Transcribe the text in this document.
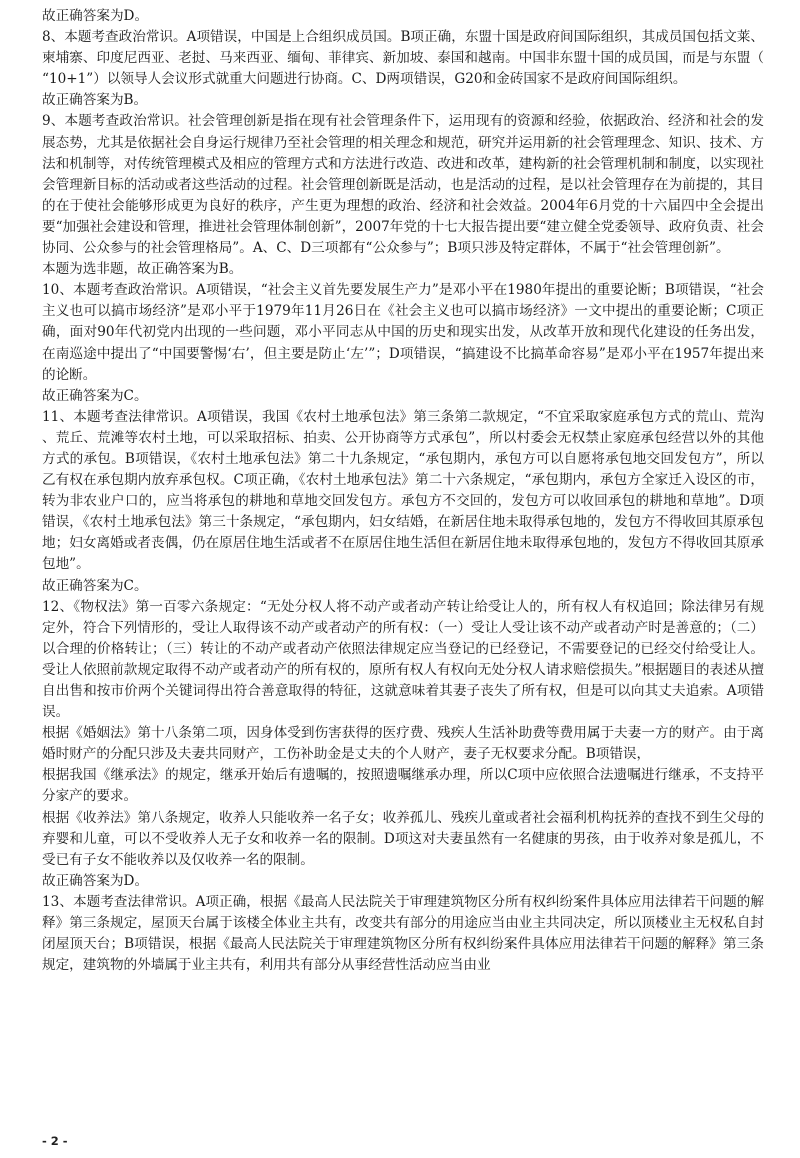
故正确答案为D。

8、本题考查政治常识。A项错误，中国是上合组织成员国。B项正确，东盟十国是政府间国际组织，其成员国包括文莱、柬埔寨、印度尼西亚、老挝、马来西亚、缅甸、菲律宾、新加坡、泰国和越南。中国非东盟十国的成员国，而是与东盟（“10+1”）以领导人会议形式就重大问题进行协商。C、D两项错误，G20和金砖国家不是政府间国际组织。

故正确答案为B。

9、本题考查政治常识。社会管理创新是指在现有社会管理条件下，运用现有的资源和经验，依据政治、经济和社会的发展态势，尤其是依据社会自身运行规律乃至社会管理的相关理念和规范，研究并运用新的社会管理理念、知识、技术、方法和机制等，对传统管理模式及相应的管理方式和方法进行改造、改进和改革，建构新的社会管理机制和制度，以实现社会管理新目标的活动或者这些活动的过程。社会管理创新既是活动，也是活动的过程，是以社会管理存在为前提的，其目的在于使社会能够形成更为良好的秩序，产生更为理想的政治、经济和社会效益。2004年6月党的十六届四中全会提出要“加强社会建设和管理，推进社会管理体制创新”，2007年党的十七大报告提出要“建立健全党委领导、政府负责、社会协同、公众参与的社会管理格局”。A、C、D三项都有“公众参与”；B项只涉及特定群体，不属于“社会管理创新”。

本题为选非题，故正确答案为B。

10、本题考查政治常识。A项错误，“社会主义首先要发展生产力”是邓小平在1980年提出的重要论断；B项错误，“社会主义也可以搞市场经济”是邓小平于1979年11月26日在《社会主义也可以搞市场经济》一文中提出的重要论断；C项正确，面对90年代初党内出现的一些问题，邓小平同志从中国的历史和现实出发，从改革开放和现代化建设的任务出发，在南巡途中提出了“中国要警惕‘右’，但主要是防止‘左’”；D项错误，“搞建设不比搞革命容易”是邓小平在1957年提出来的论断。

故正确答案为C。

11、本题考查法律常识。A项错误，我国《农村土地承包法》第三条第二款规定，“不宜采取家庭承包方式的荒山、荒沟、荒丘、荒滩等农村土地，可以采取招标、拍卖、公开协商等方式承包”，所以村委会无权禁止家庭承包经营以外的其他方式的承包。B项错误，《农村土地承包法》第二十九条规定，“承包期内，承包方可以自愿将承包地交回发包方”，所以乙有权在承包期内放弃承包权。C项正确，《农村土地承包法》第二十六条规定，“承包期内，承包方全家迁入设区的市，转为非农业户口的，应当将承包的耕地和草地交回发包方。承包方不交回的，发包方可以收回承包的耕地和草地”。D项错误，《农村土地承包法》第三十条规定，“承包期内，妇女结婚，在新居住地未取得承包地的，发包方不得收回其原承包地；妇女离婚或者丧偶，仍在原居住地生活或者不在原居住地生活但在新居住地未取得承包地的，发包方不得收回其原承包地”。

故正确答案为C。

12、《物权法》第一百零六条规定：“无处分权人将不动产或者动产转让给受让人的，所有权人有权追回；除法律另有规定外，符合下列情形的，受让人取得该不动产或者动产的所有权：（一）受让人受让该不动产或者动产时是善意的；（二）以合理的价格转让；（三）转让的不动产或者动产依照法律规定应当登记的已经登记，不需要登记的已经交付给受让人。受让人依照前款规定取得不动产或者动产的所有权的，原所有权人有权向无处分权人请求赔偿损失。”根据题目的表述从擅自出售和按市价两个关键词得出符合善意取得的特征，这就意味着其妻子丧失了所有权，但是可以向其丈夫追索。A项错误。

根据《婚姻法》第十八条第二项，因身体受到伤害获得的医疗费、残疾人生活补助费等费用属于夫妻一方的财产。由于离婚时财产的分配只涉及夫妻共同财产，工伤补助金是丈夫的个人财产，妻子无权要求分配。B项错误，

根据我国《继承法》的规定，继承开始后有遗嘱的，按照遗嘱继承办理，所以C项中应依照合法遗嘱进行继承，不支持平分家产的要求。

根据《收养法》第八条规定，收养人只能收养一名子女；收养孤儿、残疾儿童或者社会福利机构抚养的查找不到生父母的弃婴和儿童，可以不受收养人无子女和收养一名的限制。D项这对夫妻虽然有一名健康的男孩，由于收养对象是孤儿，不受已有子女不能收养以及仅收养一名的限制。

故正确答案为D。

13、本题考查法律常识。A项正确，根据《最高人民法院关于审理建筑物区分所有权纠纷案件具体应用法律若干问题的解释》第三条规定，屋顶天台属于该楼全体业主共有，改变共有部分的用途应当由业主共同决定，所以顶楼业主无权私自封闭屋顶天台；B项错误，根据《最高人民法院关于审理建筑物区分所有权纠纷案件具体应用法律若干问题的解释》第三条规定，建筑物的外墙属于业主共有，利用共有部分从事经营性活动应当由业

- 2 -
